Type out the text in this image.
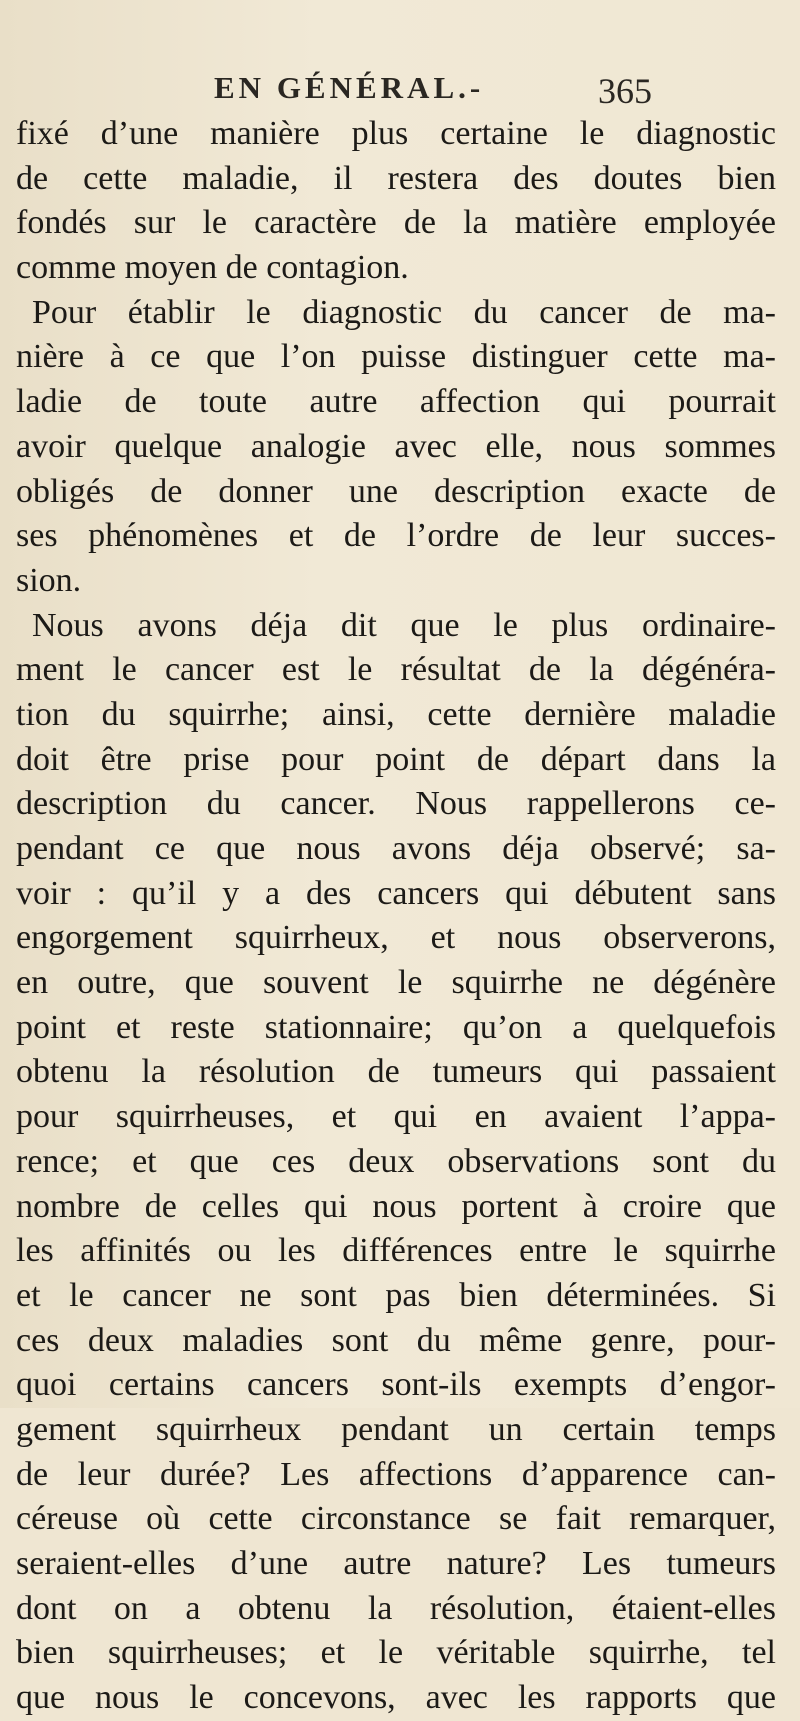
EN GÉNÉRAL.-	365
fixé d’une manière plus certaine le diagnostic
de cette maladie, il restera des doutes bien
fondés sur le caractère de la matière employée
comme moyen de contagion.
Pour établir le diagnostic du cancer de ma-
nière à ce que l’on puisse distinguer cette ma-
ladie de toute autre affection qui pourrait
avoir quelque analogie avec elle, nous sommes
obligés de donner une description exacte de
ses phénomènes et de l’ordre de leur succes-
sion.
Nous avons déja dit que le plus ordinaire-
ment le cancer est le résultat de la dégénéra-
tion du squirrhe; ainsi, cette dernière maladie
doit être prise pour point de départ dans la
description du cancer. Nous rappellerons ce-
pendant ce que nous avons déja observé; sa-
voir : qu’il y a des cancers qui débutent sans
engorgement squirrheux, et nous observerons,
en outre, que souvent le squirrhe ne dégénère
point et reste stationnaire; qu’on a quelquefois
obtenu la résolution de tumeurs qui passaient
pour squirrheuses, et qui en avaient l’appa-
rence; et que ces deux observations sont du
nombre de celles qui nous portent à croire que
les affinités ou les différences entre le squirrhe
et le cancer ne sont pas bien déterminées. Si
ces deux maladies sont du même genre, pour-
quoi certains cancers sont-ils exempts d’engor-
gement squirrheux pendant un certain temps
de leur durée? Les affections d’apparence can-
céreuse où cette circonstance se fait remarquer,
seraient-elles d’une autre nature? Les tumeurs
dont on a obtenu la résolution, étaient-elles
bien squirrheuses; et le véritable squirrhe, tel
que nous le concevons, avec les rapports que
